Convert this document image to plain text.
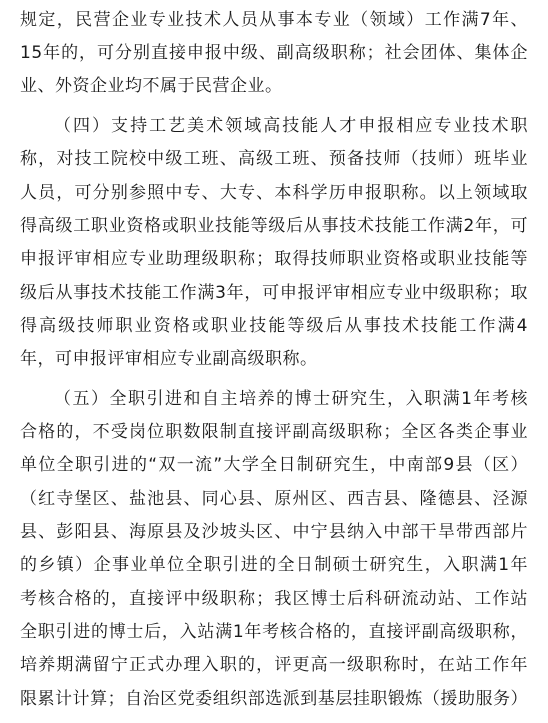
规定，民营企业专业技术人员从事本专业（领域）工作满7年、
15年的，可分别直接申报中级、副高级职称；社会团体、集体企
业、外资企业均不属于民营企业。
（四）支持工艺美术领域高技能人才申报相应专业技术职
称，对技工院校中级工班、高级工班、预备技师（技师）班毕业
人员，可分别参照中专、大专、本科学历申报职称。以上领域取
得高级工职业资格或职业技能等级后从事技术技能工作满2年，可
申报评审相应专业助理级职称；取得技师职业资格或职业技能等
级后从事技术技能工作满3年，可申报评审相应专业中级职称；取
得高级技师职业资格或职业技能等级后从事技术技能工作满4
年，可申报评审相应专业副高级职称。
（五）全职引进和自主培养的博士研究生，入职满1年考核
合格的，不受岗位职数限制直接评副高级职称；全区各类企事业
单位全职引进的“双一流”大学全日制研究生，中南部9县（区）
（红寺堡区、盐池县、同心县、原州区、西吉县、隆德县、泾源
县、彭阳县、海原县及沙坡头区、中宁县纳入中部干旱带西部片
的乡镇）企事业单位全职引进的全日制硕士研究生，入职满1年
考核合格的，直接评中级职称；我区博士后科研流动站、工作站
全职引进的博士后，入站满1年考核合格的，直接评副高级职称，
培养期满留宁正式办理入职的，评更高一级职称时，在站工作年
限累计计算；自治区党委组织部选派到基层挂职锻炼（援助服务）
